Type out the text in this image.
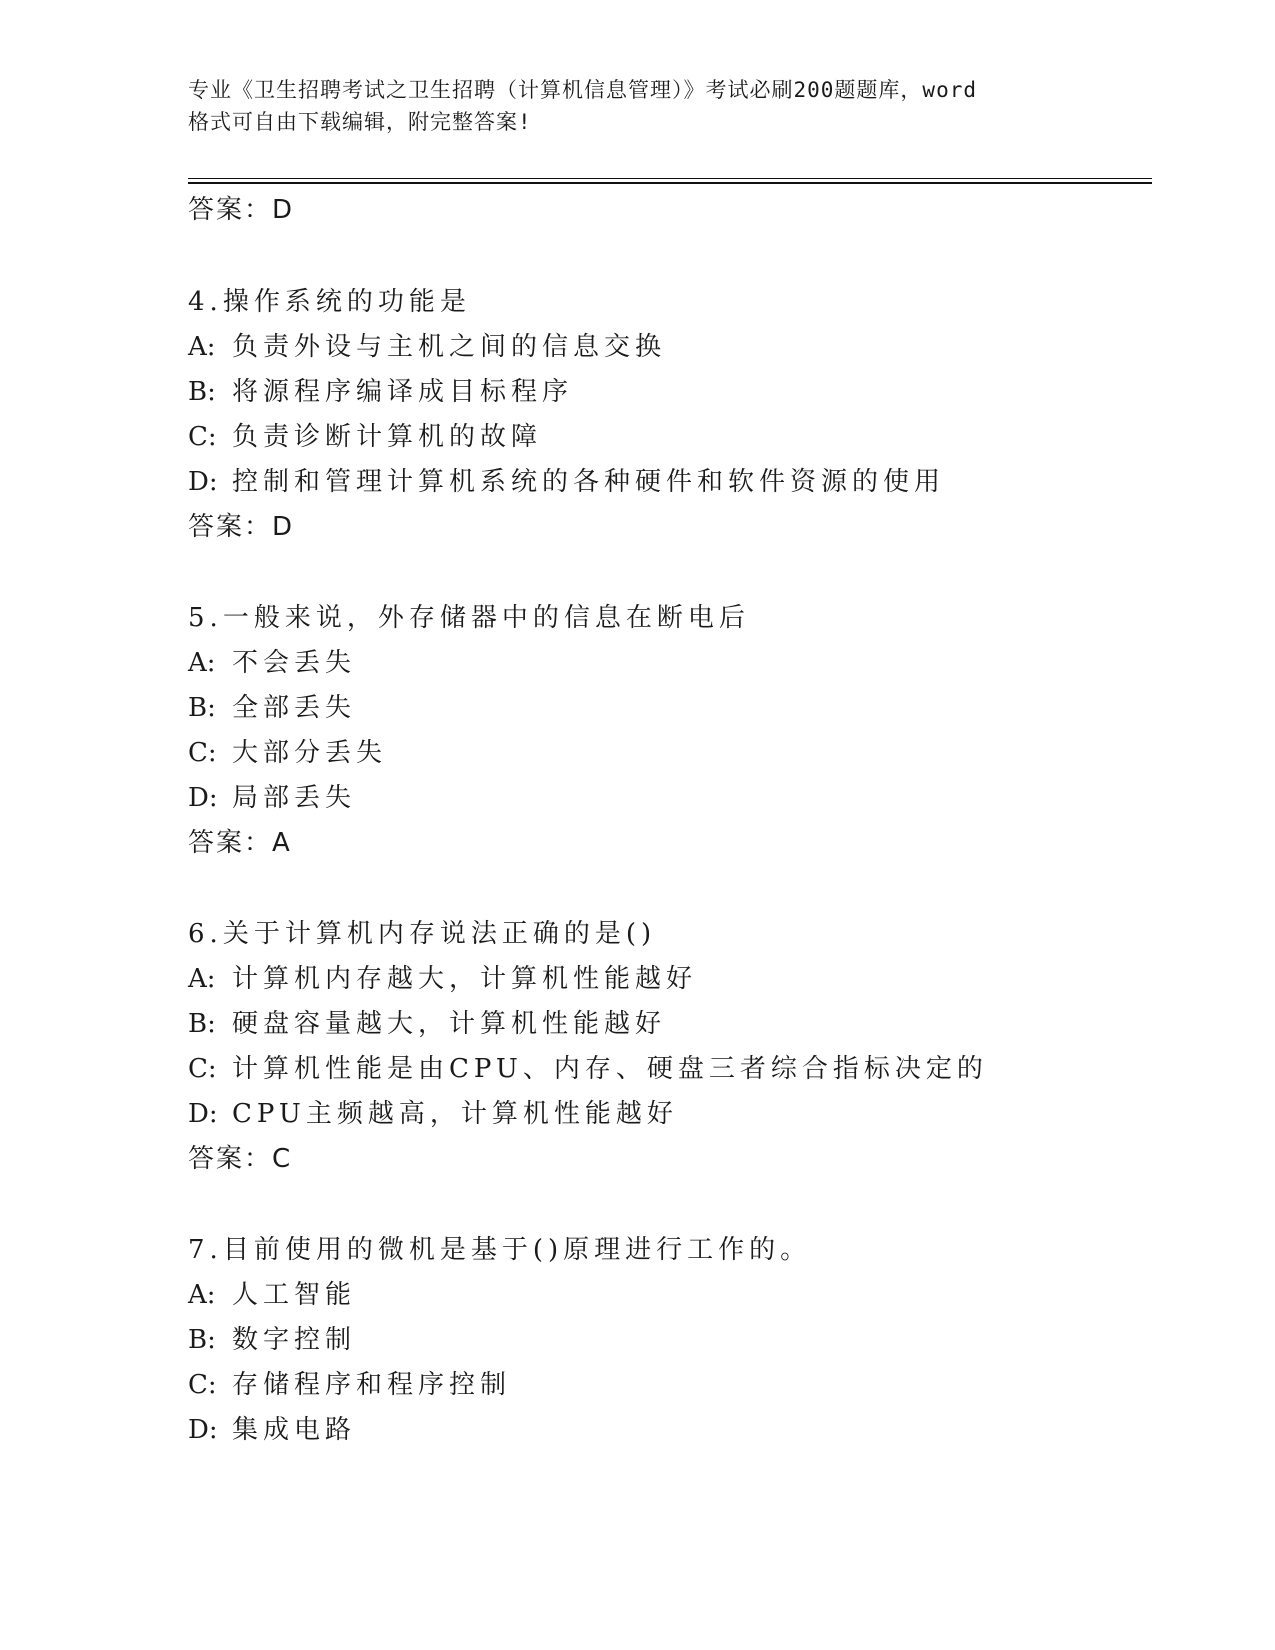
专业《卫生招聘考试之卫生招聘（计算机信息管理）》考试必刷200题题库，word
格式可自由下载编辑，附完整答案!
答案：D
4.操作系统的功能是
A: 负责外设与主机之间的信息交换
B: 将源程序编译成目标程序
C: 负责诊断计算机的故障
D: 控制和管理计算机系统的各种硬件和软件资源的使用
答案：D
5.一般来说，外存储器中的信息在断电后
A: 不会丢失
B: 全部丢失
C: 大部分丢失
D: 局部丢失
答案：A
6.关于计算机内存说法正确的是()
A: 计算机内存越大，计算机性能越好
B: 硬盘容量越大，计算机性能越好
C: 计算机性能是由CPU、内存、硬盘三者综合指标决定的
D: CPU主频越高，计算机性能越好
答案：C
7.目前使用的微机是基于()原理进行工作的。
A: 人工智能
B: 数字控制
C: 存储程序和程序控制
D: 集成电路
